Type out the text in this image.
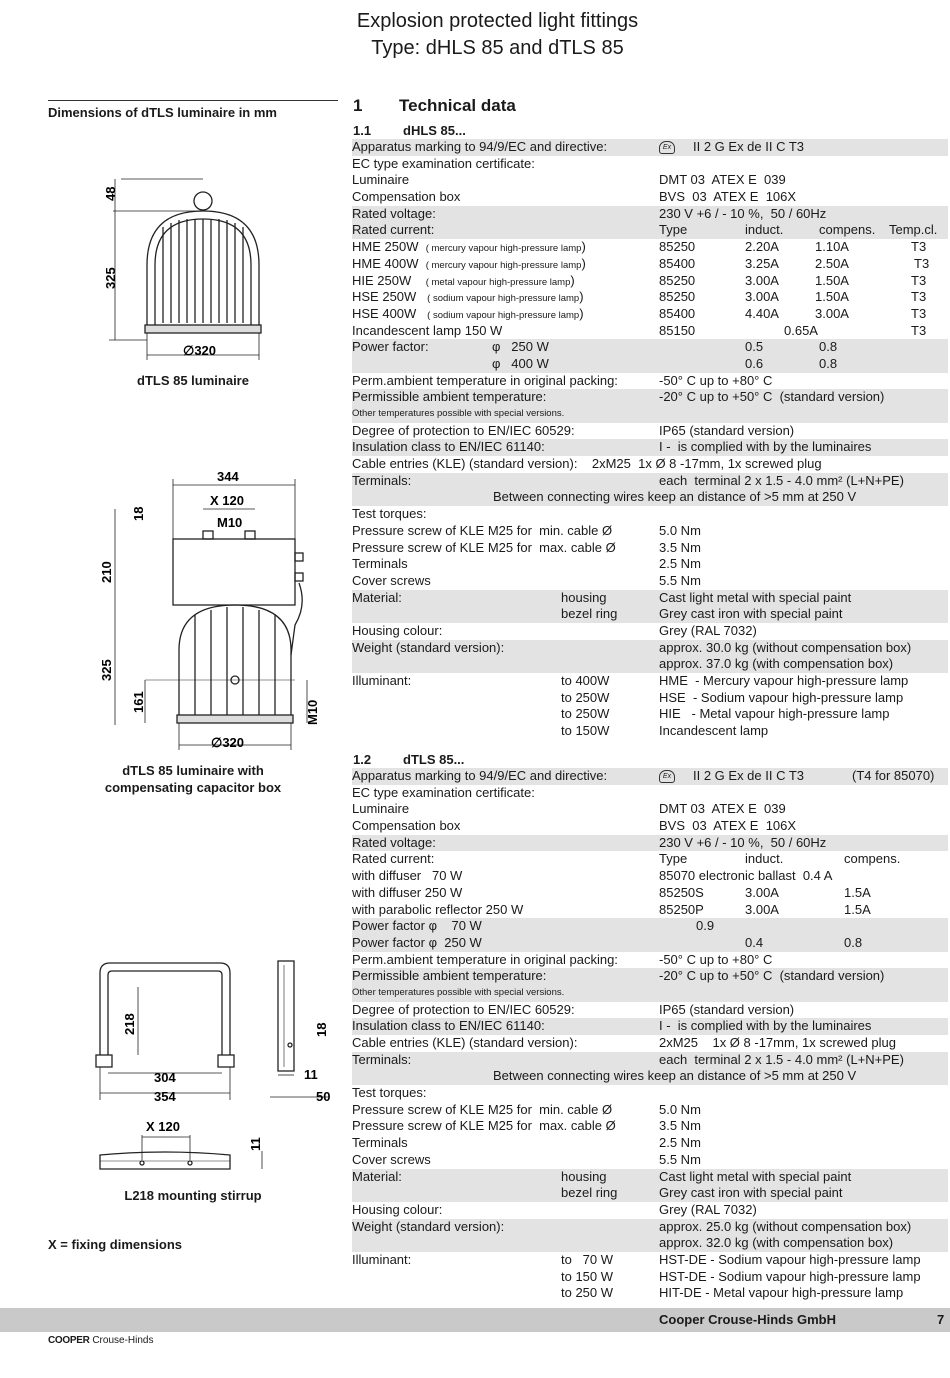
Explosion protected light fittings
Type: dHLS 85 and dTLS 85
Dimensions of dTLS luminaire in mm
48
325
∅320
dTLS 85 luminaire
344
X 120
M10
18
210
325
161	M10
∅320
dTLS 85 luminaire with
compensating capacitor box
218
304
354
18
11
50
X 120
11
L218 mounting stirrup
X = fixing dimensions
1 Technical data
1.1 dHLS 85...
Apparatus marking to 94/9/EC and directive:	Ex II 2 G Ex de II C T3
EC type examination certificate:
Luminaire	DMT 03  ATEX E  039
Compensation box	BVS  03  ATEX E  106X
Rated voltage:	230 V +6 / - 10 %,  50 / 60Hz
Rated current:	Type	induct.	compens. Temp.cl.
HME 250W  ( mercury vapour high-pressure lamp)	85250	2.20A	1.10A	T3
HME 400W  ( mercury vapour high-pressure lamp)	85400	3.25A	2.50A	T3
HIE 250W    ( metal vapour high-pressure lamp)	85250	3.00A	1.50A	T3
HSE 250W   ( sodium vapour high-pressure lamp)	85250	3.00A	1.50A	T3
HSE 400W   ( sodium vapour high-pressure lamp)	85400	4.40A	3.00A	T3
Incandescent lamp 150 W	85150	0.65A	T3
Power factor:	φ   250 W	0.5	0.8
φ   400 W	0.6	0.8
Perm.ambient temperature in original packing:	-50° C up to +80° C
Permissible ambient temperature:	-20° C up to +50° C  (standard version)
Other temperatures possible with special versions.
Degree of protection to EN/IEC 60529:	IP65 (standard version)
Insulation class to EN/IEC 61140:	I -  is complied with by the luminaires
Cable entries (KLE) (standard version):    2xM25  1x Ø 8 -17mm, 1x screwed plug
Terminals:	each  terminal 2 x 1.5 - 4.0 mm² (L+N+PE)
Between connecting wires keep an distance of >5 mm at 250 V
Test torques:
Pressure screw of KLE M25 for  min. cable Ø	5.0 Nm
Pressure screw of KLE M25 for  max. cable Ø	3.5 Nm
Terminals	2.5 Nm
Cover screws	5.5 Nm
Material:	housing	Cast light metal with special paint
bezel ring	Grey cast iron with special paint
Housing colour:	Grey (RAL 7032)
Weight (standard version):	approx. 30.0 kg (without compensation box)
approx. 37.0 kg (with compensation box)
Illuminant:	to 400W	HME  - Mercury vapour high-pressure lamp
to 250W	HSE  - Sodium vapour high-pressure lamp
to 250W	HIE   - Metal vapour high-pressure lamp
to 150W	Incandescent lamp
1.2 dTLS 85...
Apparatus marking to 94/9/EC and directive:	Ex II 2 G Ex de II C T3	(T4 for 85070)
EC type examination certificate:
Luminaire	DMT 03  ATEX E  039
Compensation box	BVS  03  ATEX E  106X
Rated voltage:	230 V +6 / - 10 %,  50 / 60Hz
Rated current:	Type	induct.	compens.
with diffuser   70 W	85070 electronic ballast  0.4 A
with diffuser 250 W	85250S	3.00A	1.5A
with parabolic reflector 250 W	85250P	3.00A	1.5A
Power factor φ    70 W	0.9
Power factor φ  250 W	0.4	0.8
Perm.ambient temperature in original packing:	-50° C up to +80° C
Permissible ambient temperature:	-20° C up to +50° C  (standard version)
Other temperatures possible with special versions.
Degree of protection to EN/IEC 60529:	IP65 (standard version)
Insulation class to EN/IEC 61140:	I -  is complied with by the luminaires
Cable entries (KLE) (standard version):	2xM25    1x Ø 8 -17mm, 1x screwed plug
Terminals:	each  terminal 2 x 1.5 - 4.0 mm² (L+N+PE)
Between connecting wires keep an distance of >5 mm at 250 V
Test torques:
Pressure screw of KLE M25 for  min. cable Ø	5.0 Nm
Pressure screw of KLE M25 for  max. cable Ø	3.5 Nm
Terminals	2.5 Nm
Cover screws	5.5 Nm
Material:	housing	Cast light metal with special paint
bezel ring	Grey cast iron with special paint
Housing colour:	Grey (RAL 7032)
Weight (standard version):	approx. 25.0 kg (without compensation box)
approx. 32.0 kg (with compensation box)
Illuminant:	to   70 W	HST-DE - Sodium vapour high-pressure lamp
to 150 W	HST-DE - Sodium vapour high-pressure lamp
to 250 W	HIT-DE - Metal vapour high-pressure lamp
Cooper Crouse-Hinds GmbH	7
COOPER Crouse-Hinds
